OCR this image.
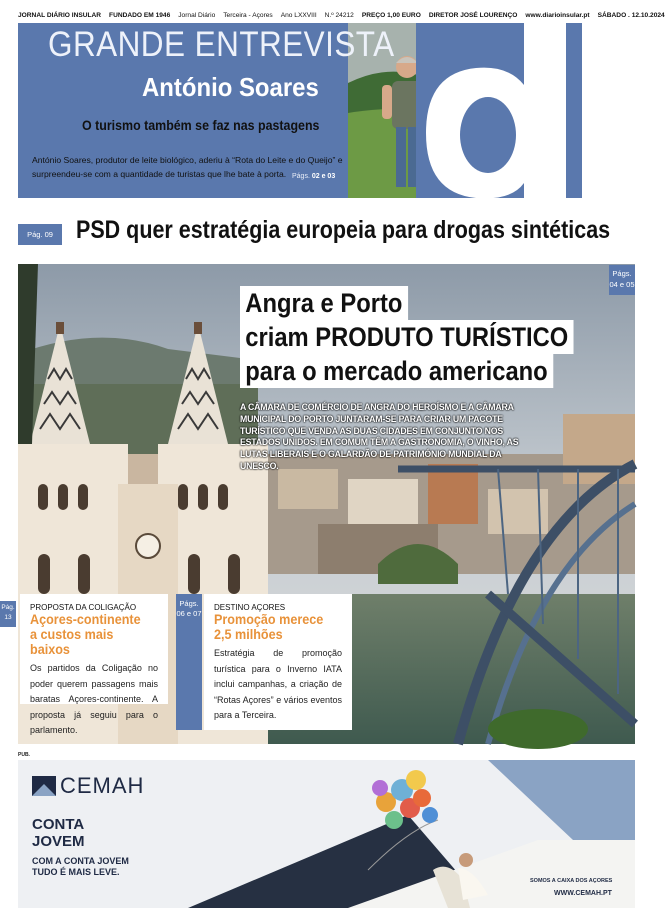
JORNAL DIÁRIO INSULAR FUNDADO EM 1946 Jornal Diário Terceira - Açores Ano LXXVIII N.º 24212 PREÇO 1,00 EURO DIRETOR JOSÉ LOURENÇO www.diarioinsular.pt SÁBADO . 12.10.2024
GRANDE ENTREVISTA
António Soares
O turismo também se faz nas pastagens
António Soares, produtor de leite biológico, aderiu à “Rota do Leite e do Queijo” e surpreendeu-se com a quantidade de turistas que lhe bate à porta. Págs. 02 e 03
Pág. 09 PSD quer estratégia europeia para drogas sintéticas
Págs.
04 e 05
Angra e Porto
criam PRODUTO TURÍSTICO
para o mercado americano
A CÂMARA DE COMÉRCIO DE ANGRA DO HEROÍSMO E A CÂMARA MUNICIPAL DO PORTO JUNTARAM-SE PARA CRIAR UM PACOTE TURÍSTICO QUE VENDA AS DUAS CIDADES EM CONJUNTO NOS ESTADOS UNIDOS. EM COMUM TÊM A GASTRONOMIA, O VINHO, AS LUTAS LIBERAIS E O GALARDÃO DE PATRIMÓNIO MUNDIAL DA UNESCO.
Pág.
13
PROPOSTA DA COLIGAÇÃO
Açores-continente
a custos mais baixos
Os partidos da Coligação no poder querem passagens mais baratas Açores-continente. A proposta já seguiu para o parlamento.
Págs.
06 e 07
DESTINO AÇORES
Promoção merece
2,5 milhões
Estratégia de promoção turística para o Inverno IATA inclui campanhas, a criação de “Rotas Açores” e vários eventos para a Terceira.
PUB.
CEMAH
CONTA
JOVEM
COM A CONTA JOVEM
TUDO É MAIS LEVE.
SOMOS A CAIXA DOS AÇORES
WWW.CEMAH.PT
